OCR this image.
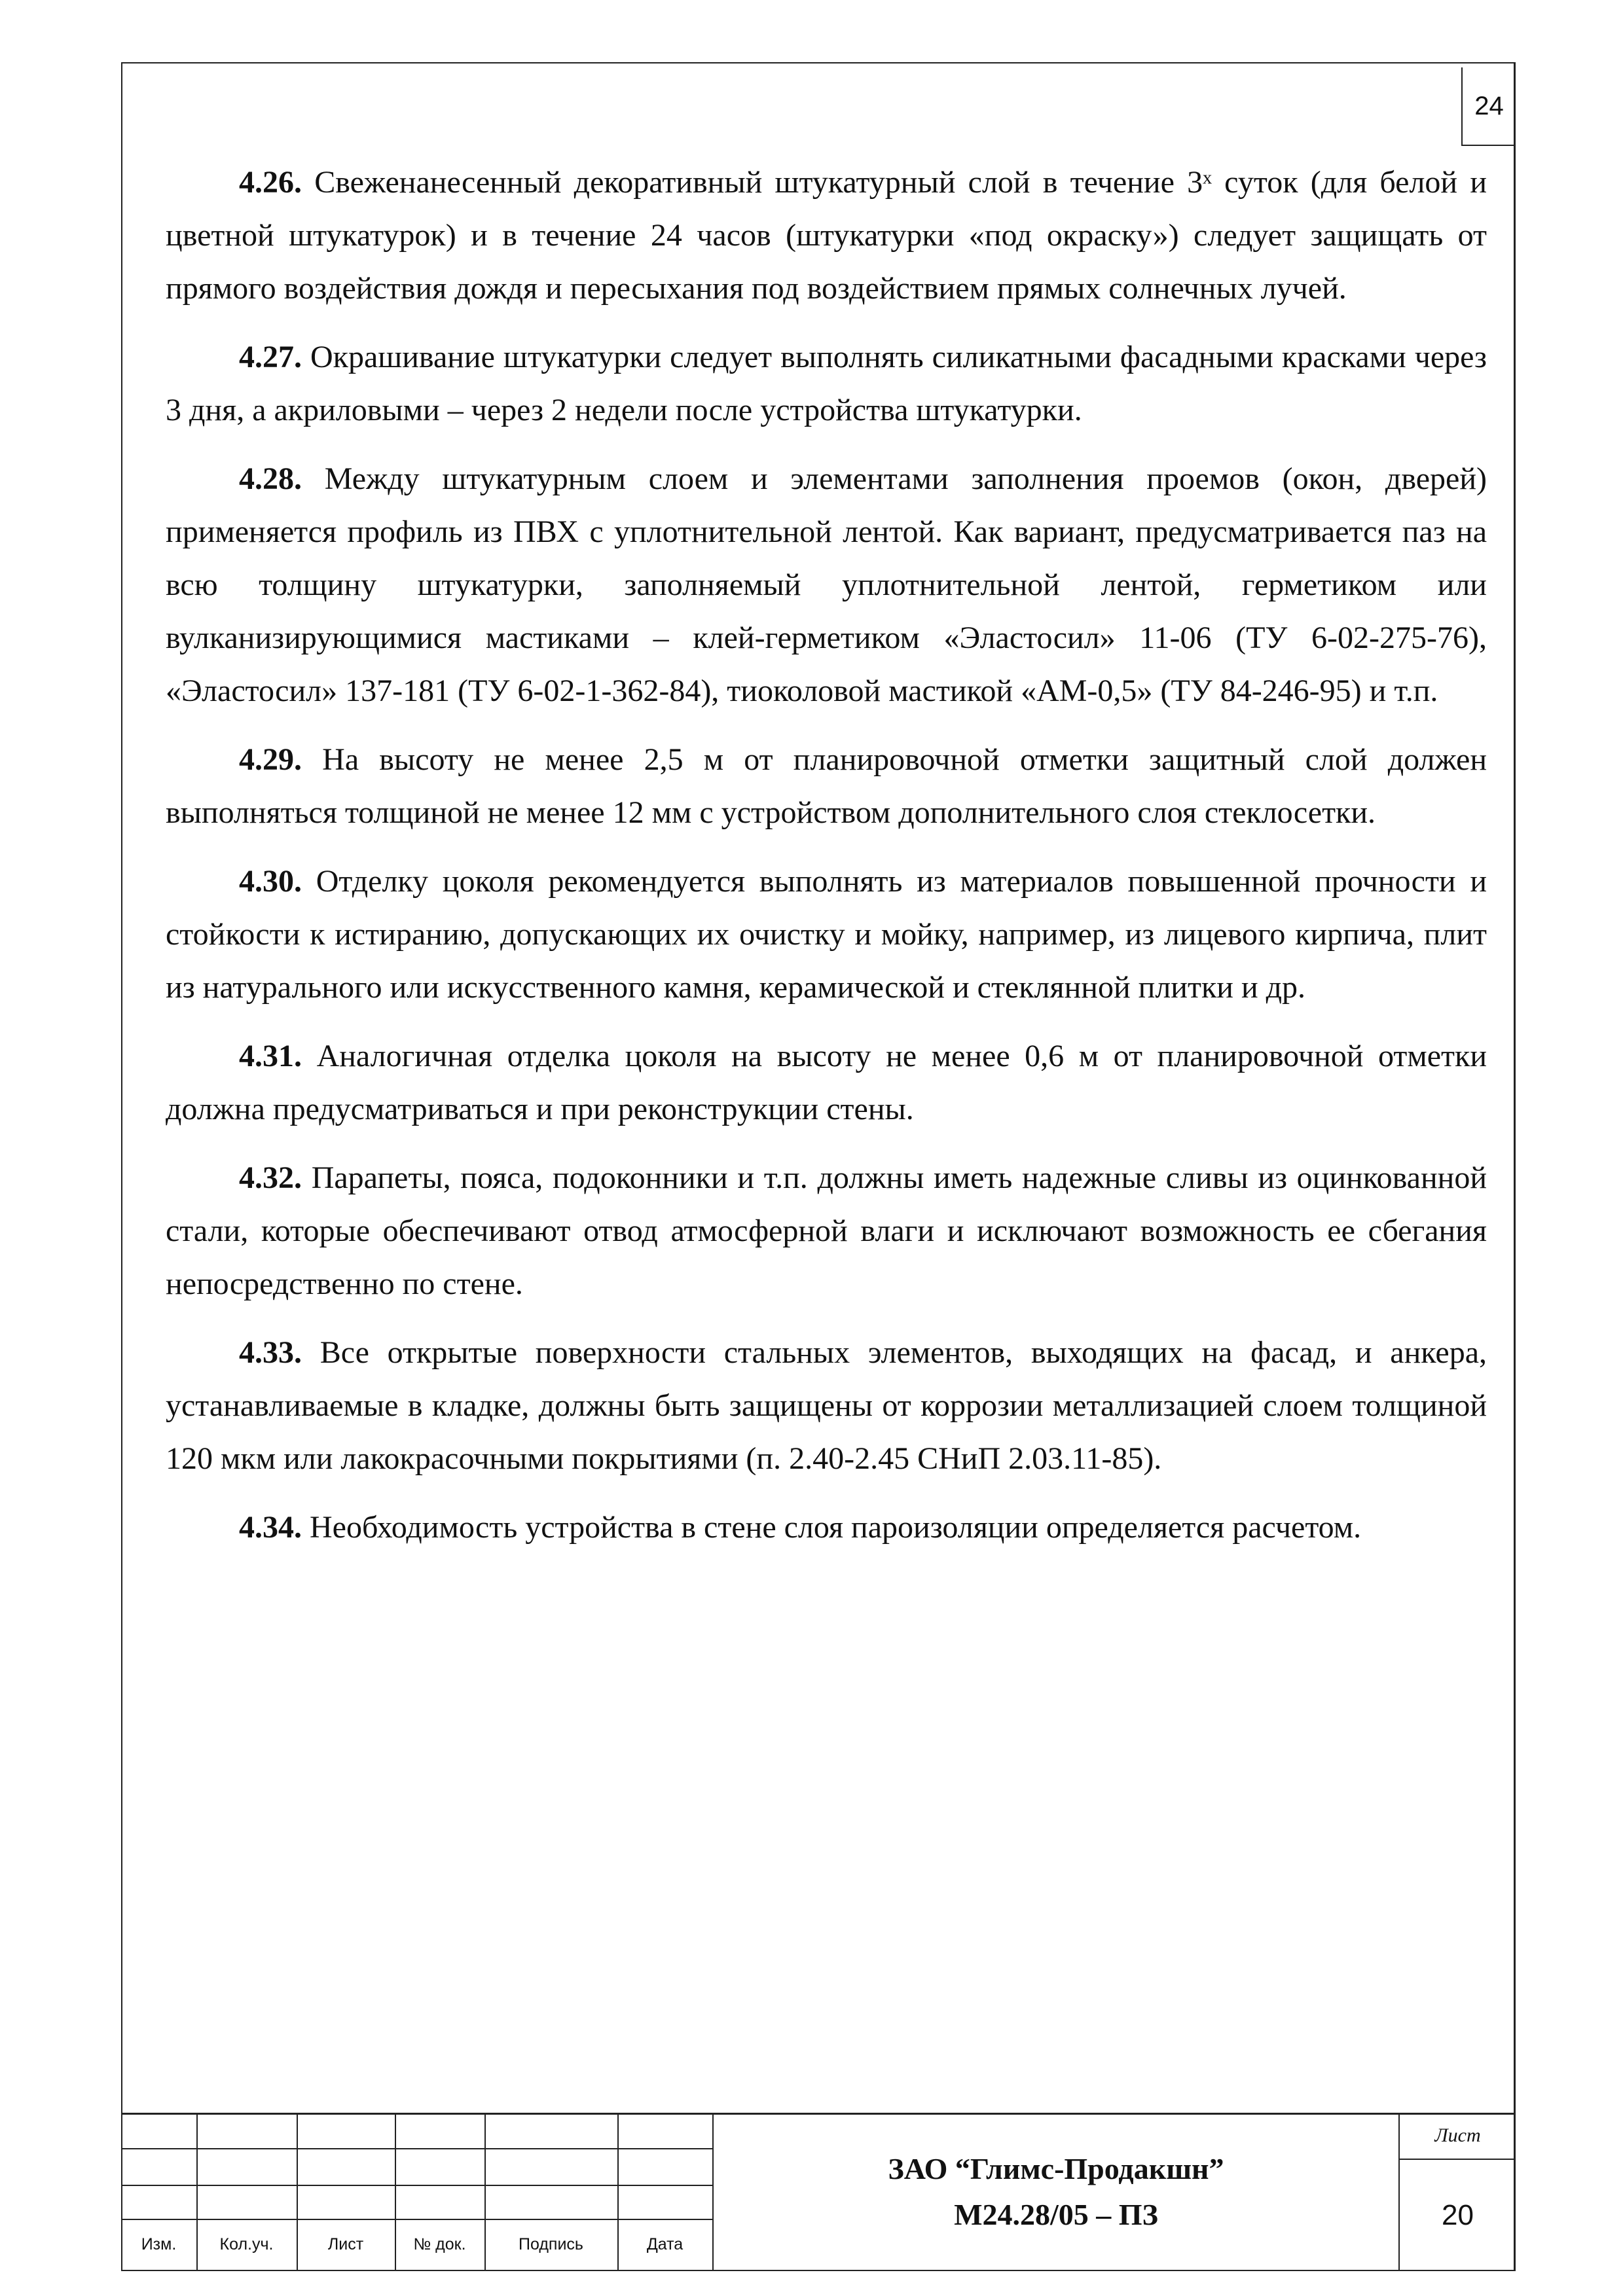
24

4.26. Свеженанесенный декоративный штукатурный слой в течение 3ˣ суток (для белой и цветной штукатурок) и в течение 24 часов (штукатурки «под окраску») следует защищать от прямого воздействия дождя и пересыхания под воздействием прямых солнечных лучей.

4.27. Окрашивание штукатурки следует выполнять силикатными фасадными красками через 3 дня, а акриловыми – через 2 недели после устройства штукатурки.

4.28. Между штукатурным слоем и элементами заполнения проемов (окон, дверей) применяется профиль из ПВХ с уплотнительной лентой. Как вариант, предусматривается паз на всю толщину штукатурки, заполняемый уплотнительной лентой, герметиком или вулканизирующимися мастиками – клей-герметиком «Эластосил» 11-06 (ТУ 6-02-275-76), «Эластосил» 137-181 (ТУ 6-02-1-362-84), тиоколовой мастикой «АМ-0,5» (ТУ 84-246-95) и т.п.

4.29. На высоту не менее 2,5 м от планировочной отметки защитный слой должен выполняться толщиной не менее 12 мм с устройством дополнительного слоя стеклосетки.

4.30. Отделку цоколя рекомендуется выполнять из материалов повышенной прочности и стойкости к истиранию, допускающих их очистку и мойку, например, из лицевого кирпича, плит из натурального или искусственного камня, керамической и стеклянной плитки и др.

4.31. Аналогичная отделка цоколя на высоту не менее 0,6 м от планировочной отметки должна предусматриваться и при реконструкции стены.

4.32. Парапеты, пояса, подоконники и т.п. должны иметь надежные сливы из оцинкованной стали, которые обеспечивают отвод атмосферной влаги и исключают возможность ее сбегания непосредственно по стене.

4.33. Все открытые поверхности стальных элементов, выходящих на фасад, и анкера, устанавливаемые в кладке, должны быть защищены от коррозии металлизацией слоем толщиной 120 мкм или лакокрасочными покрытиями (п. 2.40-2.45 СНиП 2.03.11-85).

4.34. Необходимость устройства в стене слоя пароизоляции определяется расчетом.

Изм.	Кол.уч.	Лист	№ док.	Подпись	Дата
ЗАО “Глимс-Продакшн”
М24.28/05 – ПЗ
Лист
20
